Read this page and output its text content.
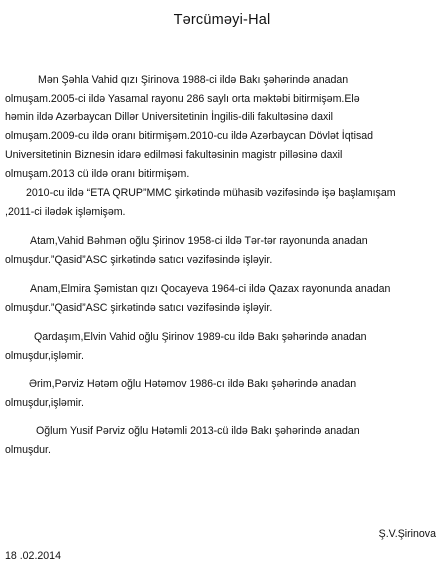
Tərcüməyi-Hal
Mən Şəhla Vahid qızı Şirinova 1988-ci ildə Bakı şəhərində anadan
olmuşam.2005-ci ildə Yasamal rayonu 286 saylı orta məktəbi bitirmişəm.Elə
həmin ildə Azərbaycan Dillər Universitetinin İngilis-dili fakultəsinə daxil
olmuşam.2009-cu ildə oranı bitirmişəm.2010-cu ildə Azərbaycan Dövlət İqtisad
Universitetinin Biznesin idarə edilməsi fakultəsinin magistr pilləsinə daxil
olmuşam.2013 cü ildə oranı bitirmişəm.
2010-cu ildə “ETA QRUP”MMC şirkətində mühasib vəzifəsində işə başlamışam
,2011-ci ilədək işləmişəm.
Atam,Vahid Bəhmən oğlu Şirinov 1958-ci ildə Tər-tər rayonunda anadan
olmuşdur.”Qasid”ASC şirkətində satıcı vəzifəsində işləyir.
Anam,Elmira Şəmistan qızı Qocayeva 1964-ci ildə Qazax rayonunda anadan
olmuşdur.”Qasid”ASC şirkətində satıcı vəzifəsində işləyir.
Qardaşım,Elvin Vahid oğlu Şirinov 1989-cu ildə Bakı şəhərində anadan
olmuşdur,işləmir.
Ərim,Pərviz Hətəm oğlu Hətəmov 1986-cı ildə Bakı şəhərində anadan
olmuşdur,işləmir.
Oğlum Yusif Pərviz oğlu Hətəmli 2013-cü ildə Bakı şəhərində anadan
olmuşdur.
Ş.V.Şirinova
18 .02.2014
